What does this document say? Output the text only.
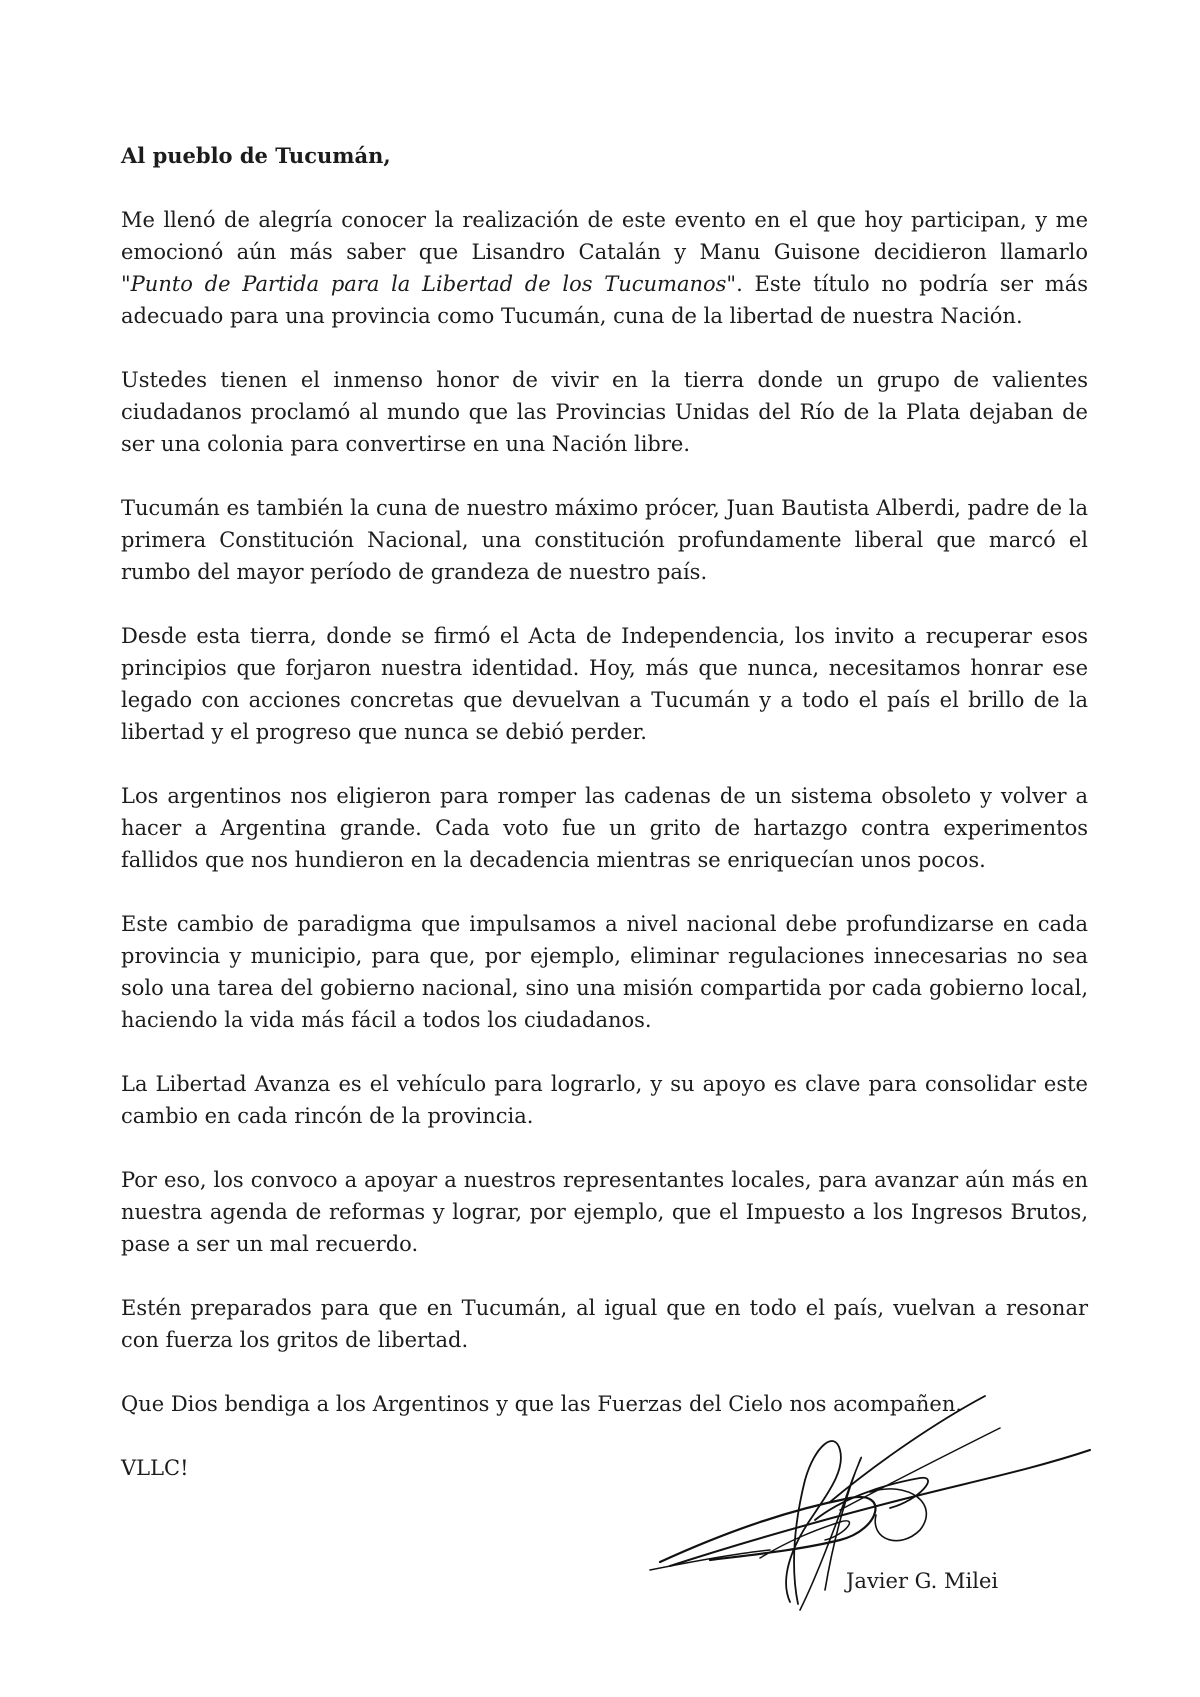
Al pueblo de Tucumán,

Me llenó de alegría conocer la realización de este evento en el que hoy participan, y me emocionó aún más saber que Lisandro Catalán y Manu Guisone decidieron llamarlo "Punto de Partida para la Libertad de los Tucumanos". Este título no podría ser más adecuado para una provincia como Tucumán, cuna de la libertad de nuestra Nación.

Ustedes tienen el inmenso honor de vivir en la tierra donde un grupo de valientes ciudadanos proclamó al mundo que las Provincias Unidas del Río de la Plata dejaban de ser una colonia para convertirse en una Nación libre.

Tucumán es también la cuna de nuestro máximo prócer, Juan Bautista Alberdi, padre de la primera Constitución Nacional, una constitución profundamente liberal que marcó el rumbo del mayor período de grandeza de nuestro país.

Desde esta tierra, donde se firmó el Acta de Independencia, los invito a recuperar esos principios que forjaron nuestra identidad. Hoy, más que nunca, necesitamos honrar ese legado con acciones concretas que devuelvan a Tucumán y a todo el país el brillo de la libertad y el progreso que nunca se debió perder.

Los argentinos nos eligieron para romper las cadenas de un sistema obsoleto y volver a hacer a Argentina grande. Cada voto fue un grito de hartazgo contra experimentos fallidos que nos hundieron en la decadencia mientras se enriquecían unos pocos.

Este cambio de paradigma que impulsamos a nivel nacional debe profundizarse en cada provincia y municipio, para que, por ejemplo, eliminar regulaciones innecesarias no sea solo una tarea del gobierno nacional, sino una misión compartida por cada gobierno local, haciendo la vida más fácil a todos los ciudadanos.

La Libertad Avanza es el vehículo para lograrlo, y su apoyo es clave para consolidar este cambio en cada rincón de la provincia.

Por eso, los convoco a apoyar a nuestros representantes locales, para avanzar aún más en nuestra agenda de reformas y lograr, por ejemplo, que el Impuesto a los Ingresos Brutos, pase a ser un mal recuerdo.

Estén preparados para que en Tucumán, al igual que en todo el país, vuelvan a resonar con fuerza los gritos de libertad.

Que Dios bendiga a los Argentinos y que las Fuerzas del Cielo nos acompañen.

VLLC!

Javier G. Milei
